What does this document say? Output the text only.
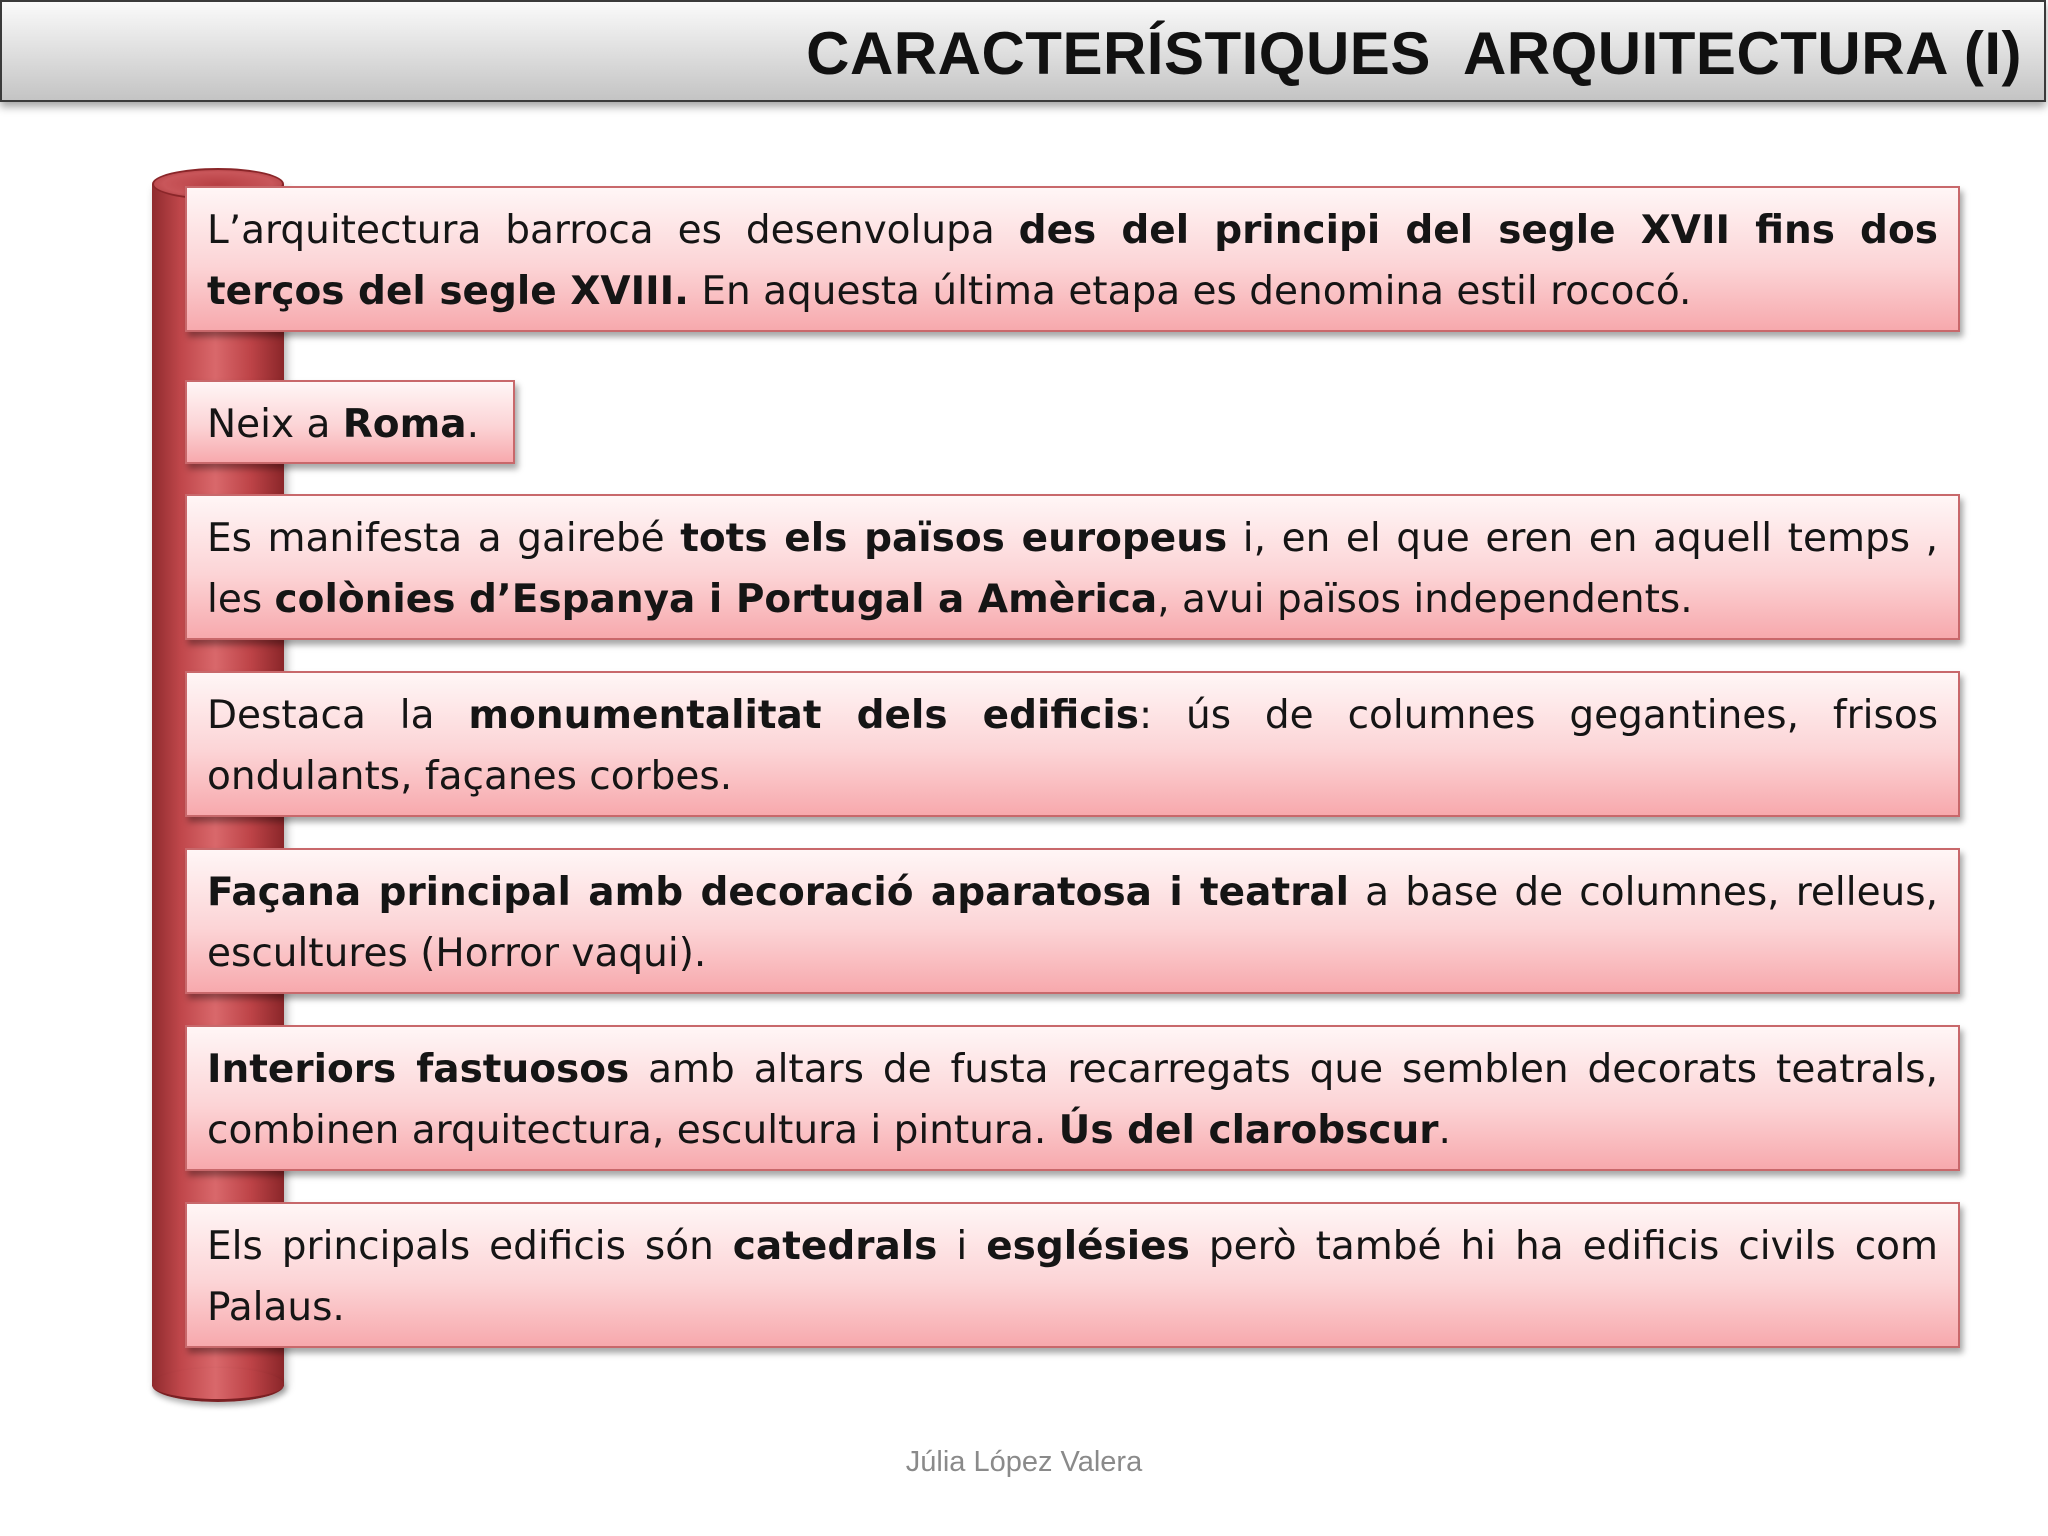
CARACTERÍSTIQUES  ARQUITECTURA (I)

L’arquitectura barroca es desenvolupa des del principi del segle XVII fins dos terços del segle XVIII. En aquesta última etapa es denomina estil rococó.

Neix a Roma.

Es manifesta a gairebé tots els països europeus i, en el que eren en aquell temps , les colònies d’Espanya i Portugal a Amèrica, avui països independents.

Destaca la monumentalitat dels edificis: ús de columnes gegantines, frisos ondulants, façanes corbes.

Façana principal amb decoració aparatosa i teatral a base de columnes, relleus, escultures (Horror vaqui).

Interiors fastuosos amb altars de fusta recarregats que semblen decorats teatrals, combinen arquitectura, escultura i pintura. Ús del clarobscur.

Els principals edificis són catedrals i esglésies però també hi ha edificis civils com Palaus.

Júlia López Valera
